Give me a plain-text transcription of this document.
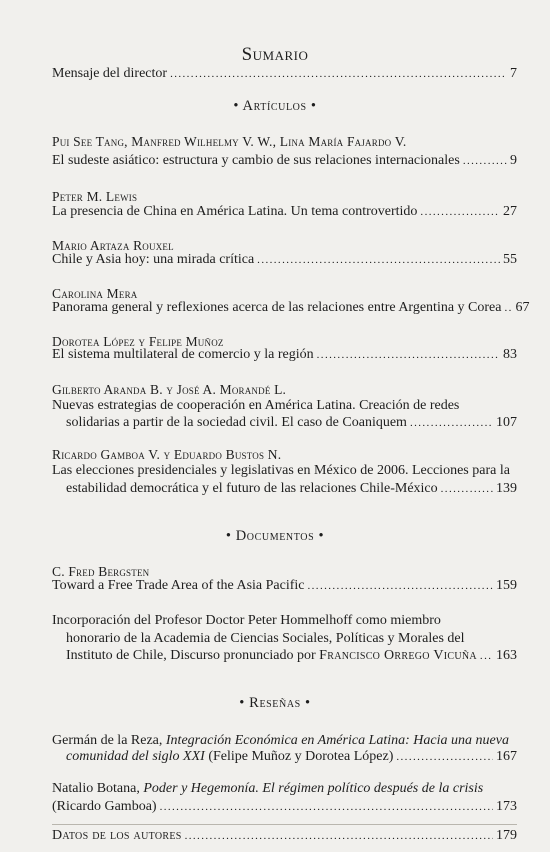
Sumario
Mensaje del director .....	7
• Artículos •
Pui See Tang, Manfred Wilhelmy V. W., Lina María Fajardo V.
El sudeste asiático: estructura y cambio de sus relaciones internacionales .....	9
Peter M. Lewis
La presencia de China en América Latina. Un tema controvertido .....	27
Mario Artaza Rouxel
Chile y Asia hoy: una mirada crítica .....	55
Carolina Mera
Panorama general y reflexiones acerca de las relaciones entre Argentina y Corea ..... 67
Dorotea López y Felipe Muñoz
El sistema multilateral de comercio y la región .....	83
Gilberto Aranda B. y José A. Morandé L.
Nuevas estrategias de cooperación en América Latina. Creación de redes
solidarias a partir de la sociedad civil. El caso de Coaniquem .....	107
Ricardo Gamboa V. y Eduardo Bustos N.
Las elecciones presidenciales y legislativas en México de 2006. Lecciones para la
estabilidad democrática y el futuro de las relaciones Chile-México .....	139
• Documentos •
C. Fred Bergsten
Toward a Free Trade Area of the Asia Pacific .....	159
Incorporación del Profesor Doctor Peter Hommelhoff como miembro
honorario de la Academia de Ciencias Sociales, Políticas y Morales del
Instituto de Chile, Discurso pronunciado por Francisco Orrego Vicuña ..... 163
• Reseñas •
Germán de la Reza, Integración Económica en América Latina: Hacia una nueva
comunidad del siglo XXI (Felipe Muñoz y Dorotea López) .....	167
Natalio Botana, Poder y Hegemonía. El régimen político después de la crisis
(Ricardo Gamboa) .....	173
Datos de los autores .....	179
